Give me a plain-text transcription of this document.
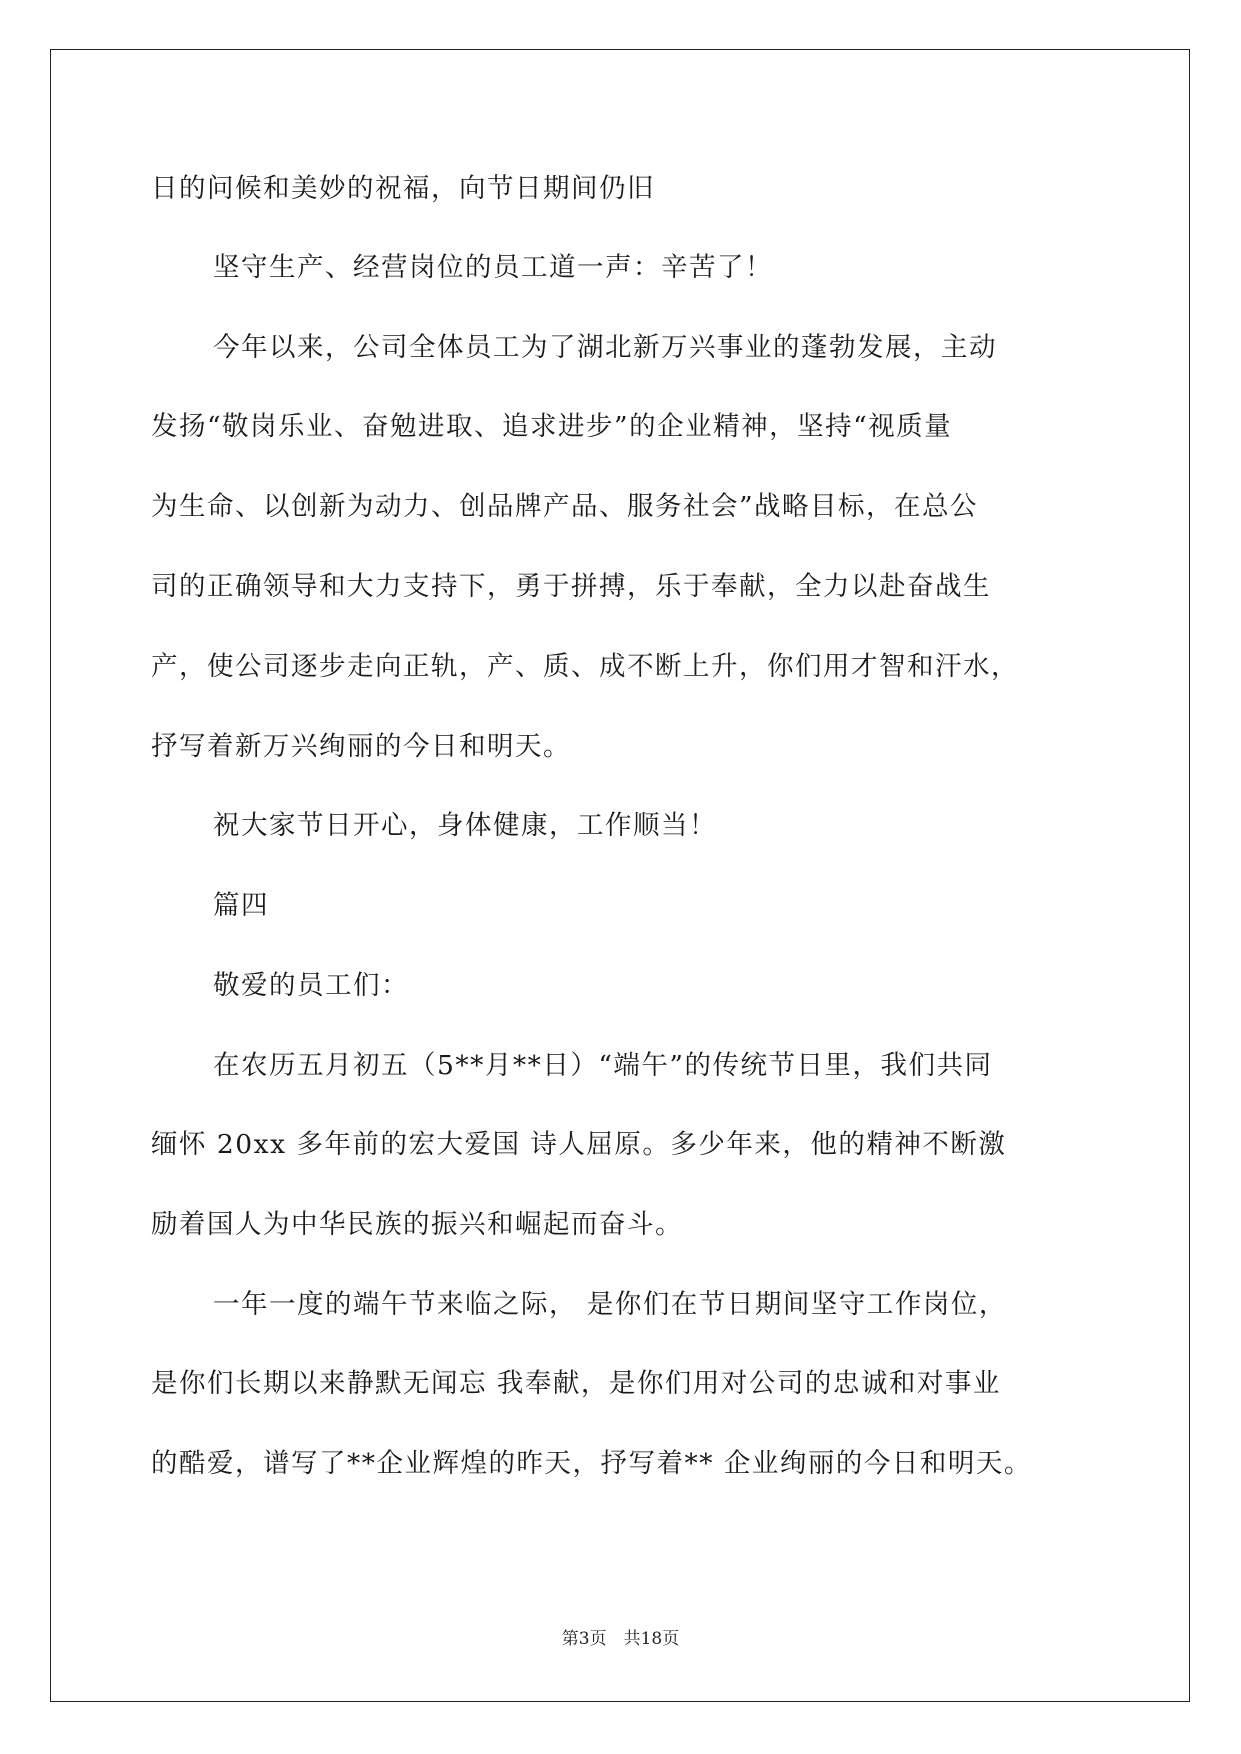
日的问候和美妙的祝福，向节日期间仍旧
坚守生产、经营岗位的员工道一声：辛苦了！
今年以来，公司全体员工为了湖北新万兴事业的蓬勃发展，主动
发扬“敬岗乐业、奋勉进取、追求进步”的企业精神，坚持“视质量
为生命、以创新为动力、创品牌产品、服务社会”战略目标，在总公
司的正确领导和大力支持下，勇于拼搏，乐于奉献，全力以赴奋战生
产，使公司逐步走向正轨，产、质、成不断上升，你们用才智和汗水，
抒写着新万兴绚丽的今日和明天。
祝大家节日开心，身体健康，工作顺当！
篇四
敬爱的员工们：
在农历五月初五（5**月**日）“端午”的传统节日里，我们共同
缅怀 20xx 多年前的宏大爱国 诗人屈原。多少年来，他的精神不断激
励着国人为中华民族的振兴和崛起而奋斗。
一年一度的端午节来临之际， 是你们在节日期间坚守工作岗位，
是你们长期以来静默无闻忘 我奉献，是你们用对公司的忠诚和对事业
的酷爱，谱写了**企业辉煌的昨天，抒写着** 企业绚丽的今日和明天。
第3页　共18页
